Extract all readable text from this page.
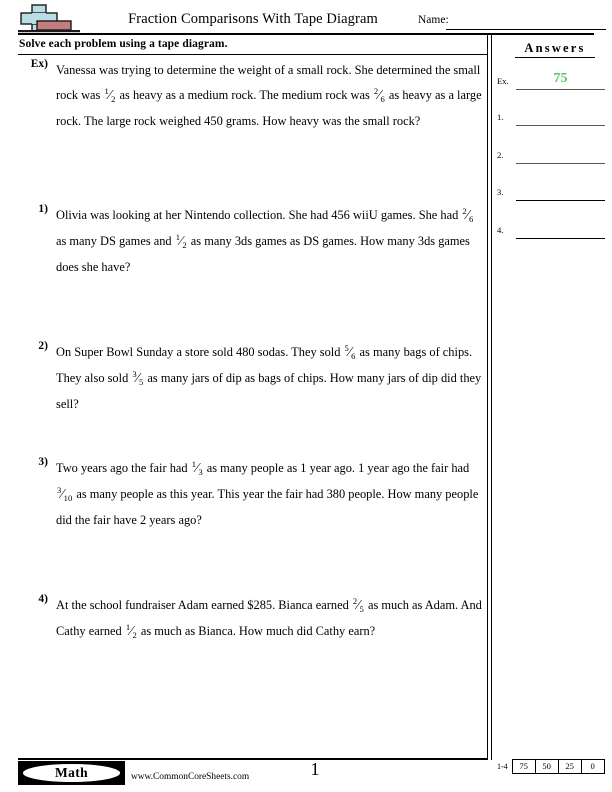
Fraction Comparisons With Tape Diagram	Name:
Solve each problem using a tape diagram.
Ex) Vanessa was trying to determine the weight of a small rock. She determined the small rock was $^1⁄_2$ as heavy as a medium rock. The medium rock was $^2⁄_6$ as heavy as a large rock. The large rock weighed 450 grams. How heavy was the small rock?
1) Olivia was looking at her Nintendo collection. She had 456 wiiU games. She had $^2⁄_6$ as many DS games and $^1⁄_2$ as many 3ds games as DS games. How many 3ds games does she have?
2) On Super Bowl Sunday a store sold 480 sodas. They sold $^5⁄_6$ as many bags of chips. They also sold $^3⁄_5$ as many jars of dip as bags of chips. How many jars of dip did they sell?
3) Two years ago the fair had $^1⁄_3$ as many people as 1 year ago. 1 year ago the fair had $^3⁄_{10}$ as many people as this year. This year the fair had 380 people. How many people did the fair have 2 years ago?
4) At the school fundraiser Adam earned $285. Bianca earned $^2⁄_5$ as much as Adam. And Cathy earned $^1⁄_2$ as much as Bianca. How much did Cathy earn?
Answers
Ex.	75
1.
2.
3.
4.
Math	www.CommonCoreSheets.com	1	1-4	75	50	25	0
